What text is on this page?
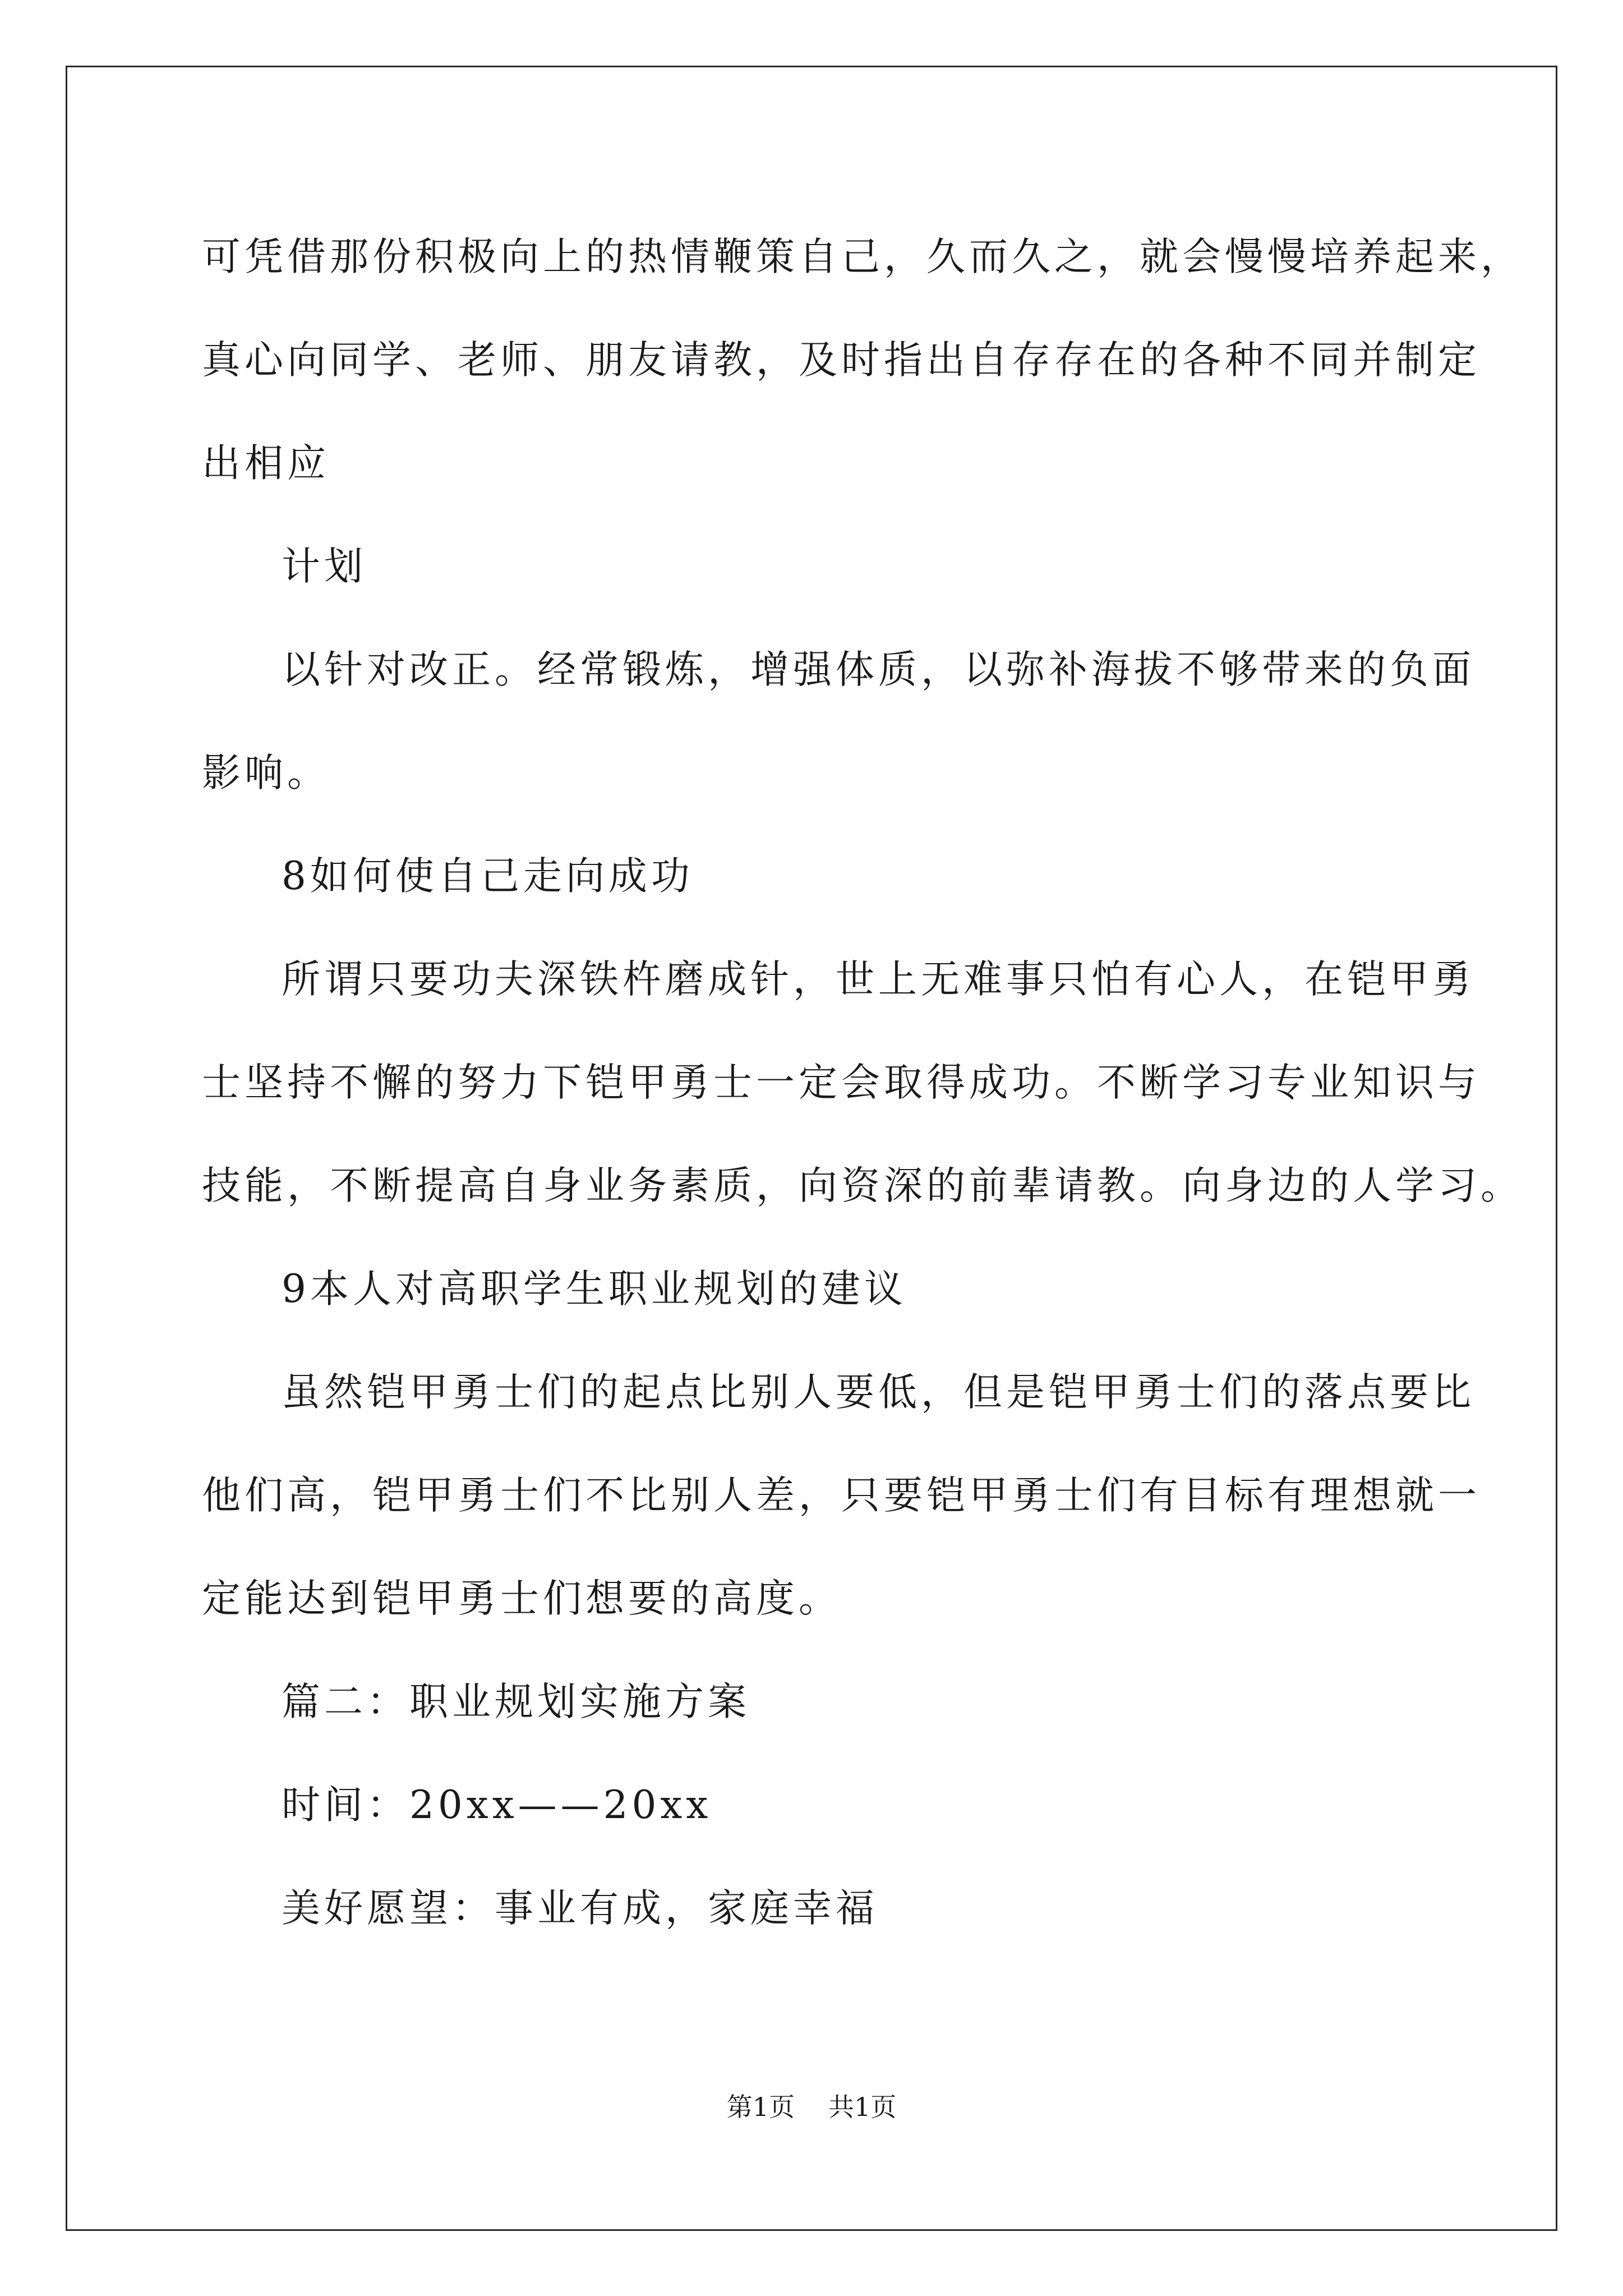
可凭借那份积极向上的热情鞭策自己，久而久之，就会慢慢培养起来，
真心向同学、老师、朋友请教，及时指出自存存在的各种不同并制定
出相应
计划
以针对改正。经常锻炼，增强体质，以弥补海拔不够带来的负面
影响。
8如何使自己走向成功
所谓只要功夫深铁杵磨成针，世上无难事只怕有心人，在铠甲勇
士坚持不懈的努力下铠甲勇士一定会取得成功。不断学习专业知识与
技能，不断提高自身业务素质，向资深的前辈请教。向身边的人学习。
9本人对高职学生职业规划的建议
虽然铠甲勇士们的起点比别人要低，但是铠甲勇士们的落点要比
他们高，铠甲勇士们不比别人差，只要铠甲勇士们有目标有理想就一
定能达到铠甲勇士们想要的高度。
篇二：职业规划实施方案
时间：20xx——20xx
美好愿望：事业有成，家庭幸福
第1页 共1页
